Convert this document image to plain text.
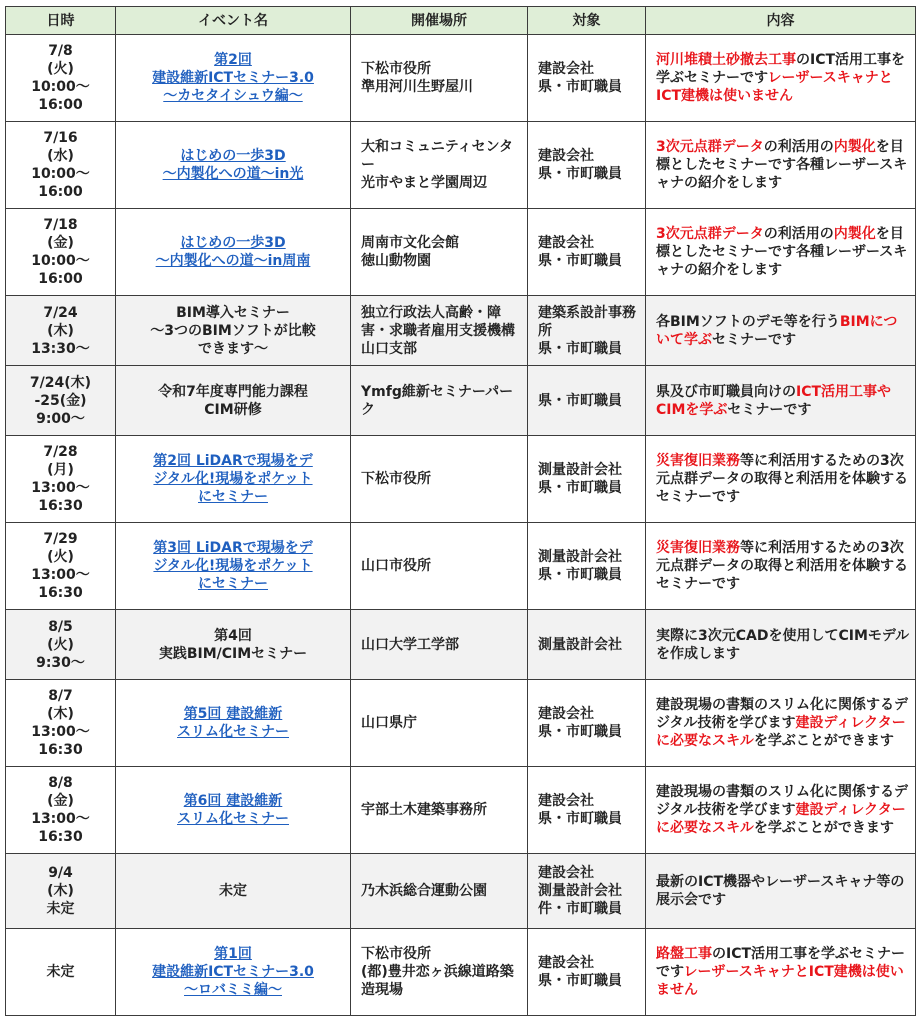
日時	イベント名	開催場所	対象	内容
7/8
(火)
10:00〜
16:00	第2回
建設維新ICTセミナー3.0
〜カセタイシュウ編〜	下松市役所
準用河川生野屋川	建設会社
県・市町職員	河川堆積土砂撤去工事のICT活用工事を学ぶセミナーですレーザースキャナとICT建機は使いません
7/16
(水)
10:00〜
16:00	はじめの一歩3D
〜内製化への道〜in光	大和コミュニティセンター
光市やまと学園周辺	建設会社
県・市町職員	3次元点群データの利活用の内製化を目標としたセミナーです各種レーザースキャナの紹介をします
7/18
(金)
10:00〜
16:00	はじめの一歩3D
〜内製化への道〜in周南	周南市文化会館
徳山動物園	建設会社
県・市町職員	3次元点群データの利活用の内製化を目標としたセミナーです各種レーザースキャナの紹介をします
7/24
(木)
13:30〜	BIM導入セミナー
〜3つのBIMソフトが比較
できます〜	独立行政法人高齢・障害・求職者雇用支援機構山口支部	建築系設計事務所
県・市町職員	各BIMソフトのデモ等を行うBIMについて学ぶセミナーです
7/24(木)
-25(金)
9:00〜	令和7年度専門能力課程
CIM研修	Ymfg維新セミナーパーク	県・市町職員	県及び市町職員向けのICT活用工事やCIMを学ぶセミナーです
7/28
(月)
13:00〜
16:30	第2回 LiDARで現場をデ
ジタル化!現場をポケット
にセミナー	下松市役所	測量設計会社
県・市町職員	災害復旧業務等に利活用するための3次元点群データの取得と利活用を体験するセミナーです
7/29
(火)
13:00〜
16:30	第3回 LiDARで現場をデ
ジタル化!現場をポケット
にセミナー	山口市役所	測量設計会社
県・市町職員	災害復旧業務等に利活用するための3次元点群データの取得と利活用を体験するセミナーです
8/5
(火)
9:30〜	第4回
実践BIM/CIMセミナー	山口大学工学部	測量設計会社	実際に3次元CADを使用してCIMモデルを作成します
8/7
(木)
13:00〜
16:30	第5回 建設維新
スリム化セミナー	山口県庁	建設会社
県・市町職員	建設現場の書類のスリム化に関係するデジタル技術を学びます建設ディレクターに必要なスキルを学ぶことができます
8/8
(金)
13:00〜
16:30	第6回 建設維新
スリム化セミナー	宇部土木建築事務所	建設会社
県・市町職員	建設現場の書類のスリム化に関係するデジタル技術を学びます建設ディレクターに必要なスキルを学ぶことができます
9/4
(木)
未定	未定	乃木浜総合運動公園	建設会社
測量設計会社
件・市町職員	最新のICT機器やレーザースキャナ等の展示会です
未定	第1回
建設維新ICTセミナー3.0
〜ロバミミ編〜	下松市役所
(都)豊井恋ヶ浜線道路築造現場	建設会社
県・市町職員	路盤工事のICT活用工事を学ぶセミナーですレーザースキャナとICT建機は使いません
